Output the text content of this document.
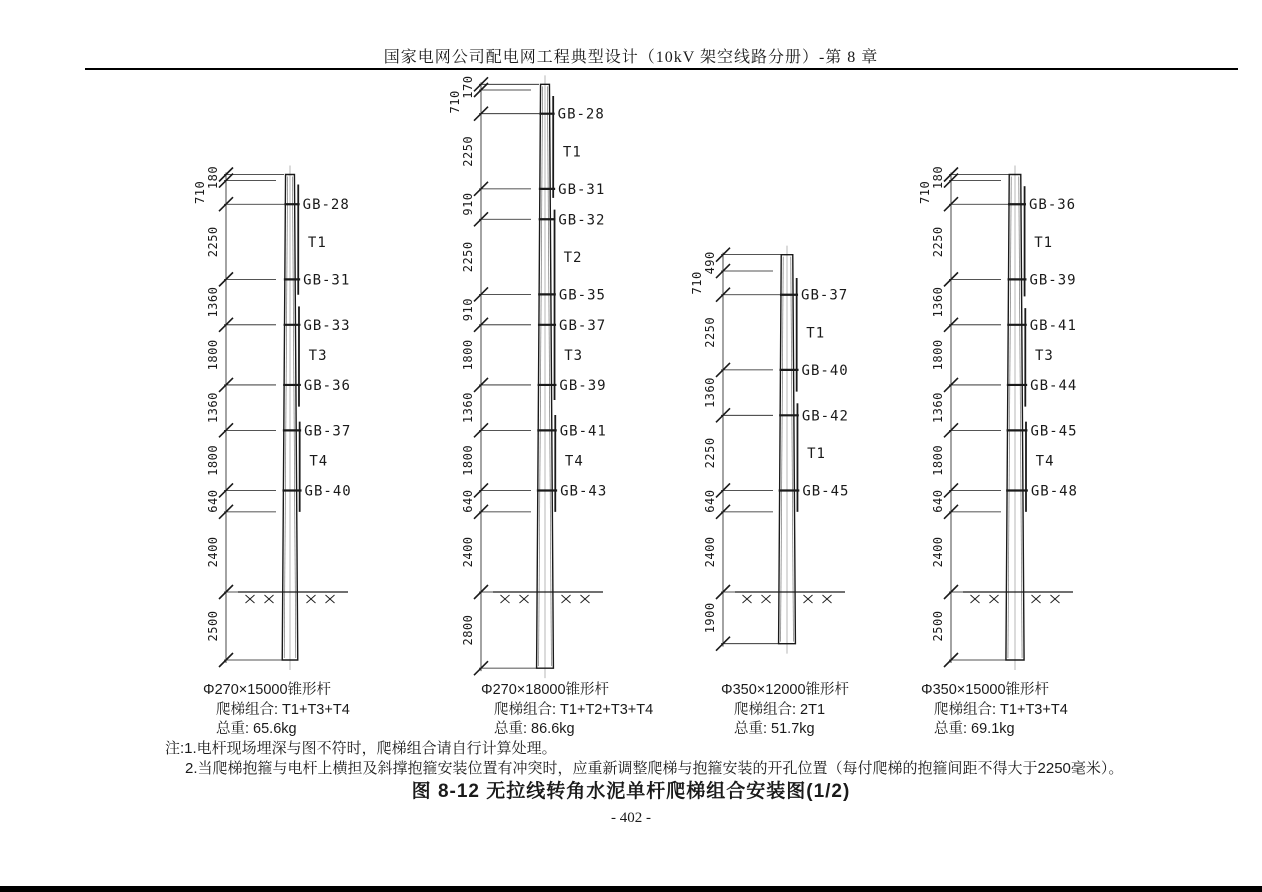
国家电网公司配电网工程典型设计（10kV 架空线路分册）-第 8 章
GB-28
GB-31
GB-33
GB-36
GB-37
GB-40
T1
T3
T4
180
710
2250
1360
1800
1360
1800
640
2400
2500
GB-28
GB-31
GB-32
GB-35
GB-37
GB-39
GB-41
GB-43
T1
T2
T3
T4
170
710
2250
910
2250
910
1800
1360
1800
640
2400
2800
GB-37
GB-40
GB-42
GB-45
T1
T1
490
710
2250
1360
2250
640
2400
1900
GB-36
GB-39
GB-41
GB-44
GB-45
GB-48
T1
T3
T4
180
710
2250
1360
1800
1360
1800
640
2400
2500
Φ270×15000锥形杆
爬梯组合: T1+T3+T4
总重: 65.6kg
Φ270×18000锥形杆
爬梯组合: T1+T2+T3+T4
总重: 86.6kg
Φ350×12000锥形杆
爬梯组合: 2T1
总重: 51.7kg
Φ350×15000锥形杆
爬梯组合: T1+T3+T4
总重: 69.1kg
注:1.电杆现场埋深与图不符时，爬梯组合请自行计算处理。
2.当爬梯抱箍与电杆上横担及斜撑抱箍安装位置有冲突时，应重新调整爬梯与抱箍安装的开孔位置（每付爬梯的抱箍间距不得大于2250毫米）。
图 8-12 无拉线转角水泥单杆爬梯组合安装图(1/2)
- 402 -
